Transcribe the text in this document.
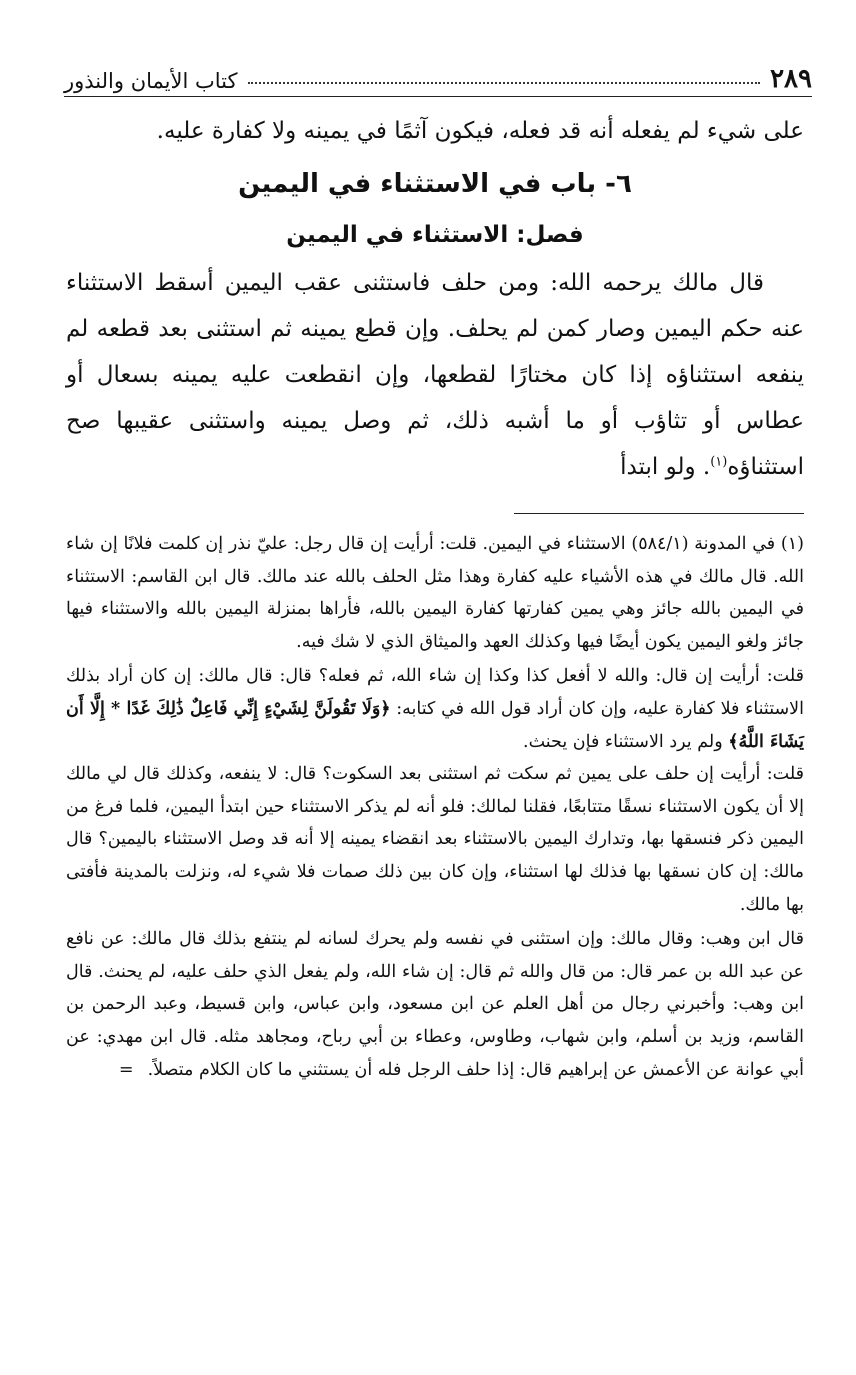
٢٨٩
كتاب الأيمان والنذور

على شيء لم يفعله أنه قد فعله، فيكون آثمًا في يمينه ولا كفارة عليه.

٦- باب في الاستثناء في اليمين
فصل: الاستثناء في اليمين

قال مالك يرحمه الله: ومن حلف فاستثنى عقب اليمين أسقط الاستثناء عنه حكم اليمين وصار كمن لم يحلف. وإن قطع يمينه ثم استثنى بعد قطعه لم ينفعه استثناؤه إذا كان مختارًا لقطعها، وإن انقطعت عليه يمينه بسعال أو عطاس أو تثاؤب أو ما أشبه ذلك، ثم وصل يمينه واستثنى عقيبها صح استثناؤه$^{(١)}$. ولو ابتدأ

(١) في المدونة (٥٨٤/١) الاستثناء في اليمين. قلت: أرأيت إن قال رجل: عليّ نذر إن كلمت فلانًا إن شاء الله. قال مالك في هذه الأشياء عليه كفارة وهذا مثل الحلف بالله عند مالك. قال ابن القاسم: الاستثناء في اليمين بالله جائز وهي يمين كفارتها كفارة اليمين بالله، فأراها بمنزلة اليمين بالله والاستثناء فيها جائز ولغو اليمين يكون أيضًا فيها وكذلك العهد والميثاق الذي لا شك فيه.

قلت: أرأيت إن قال: والله لا أفعل كذا وكذا إن شاء الله، ثم فعله؟ قال: قال مالك: إن كان أراد بذلك الاستثناء فلا كفارة عليه، وإن كان أراد قول الله في كتابه: ﴿وَلَا تَقُولَنَّ لِشَيْءٍ إِنِّي فَاعِلٌ ذَٰلِكَ غَدًا * إِلَّا أَن يَشَاءَ اللَّهُ﴾ ولم يرد الاستثناء فإن يحنث.

قلت: أرأيت إن حلف على يمين ثم سكت ثم استثنى بعد السكوت؟ قال: لا ينفعه، وكذلك قال لي مالك إلا أن يكون الاستثناء نسقًا متتابعًا، فقلنا لمالك: فلو أنه لم يذكر الاستثناء حين ابتدأ اليمين، فلما فرغ من اليمين ذكر فنسقها بها، وتدارك اليمين بالاستثناء بعد انقضاء يمينه إلا أنه قد وصل الاستثناء باليمين؟ قال مالك: إن كان نسقها بها فذلك لها استثناء، وإن كان بين ذلك صمات فلا شيء له، ونزلت بالمدينة فأفتى بها مالك.

قال ابن وهب: وقال مالك: وإن استثنى في نفسه ولم يحرك لسانه لم ينتفع بذلك قال مالك: عن نافع عن عبد الله بن عمر قال: من قال والله ثم قال: إن شاء الله، ولم يفعل الذي حلف عليه، لم يحنث. قال ابن وهب: وأخبرني رجال من أهل العلم عن ابن مسعود، وابن عباس، وابن قسيط، وعبد الرحمن بن القاسم، وزيد بن أسلم، وابن شهاب، وطاوس، وعطاء بن أبي رباح، ومجاهد مثله. قال ابن مهدي: عن أبي عوانة عن الأعمش عن إبراهيم قال: إذا حلف الرجل فله أن يستثني ما كان الكلام متصلاً.=
